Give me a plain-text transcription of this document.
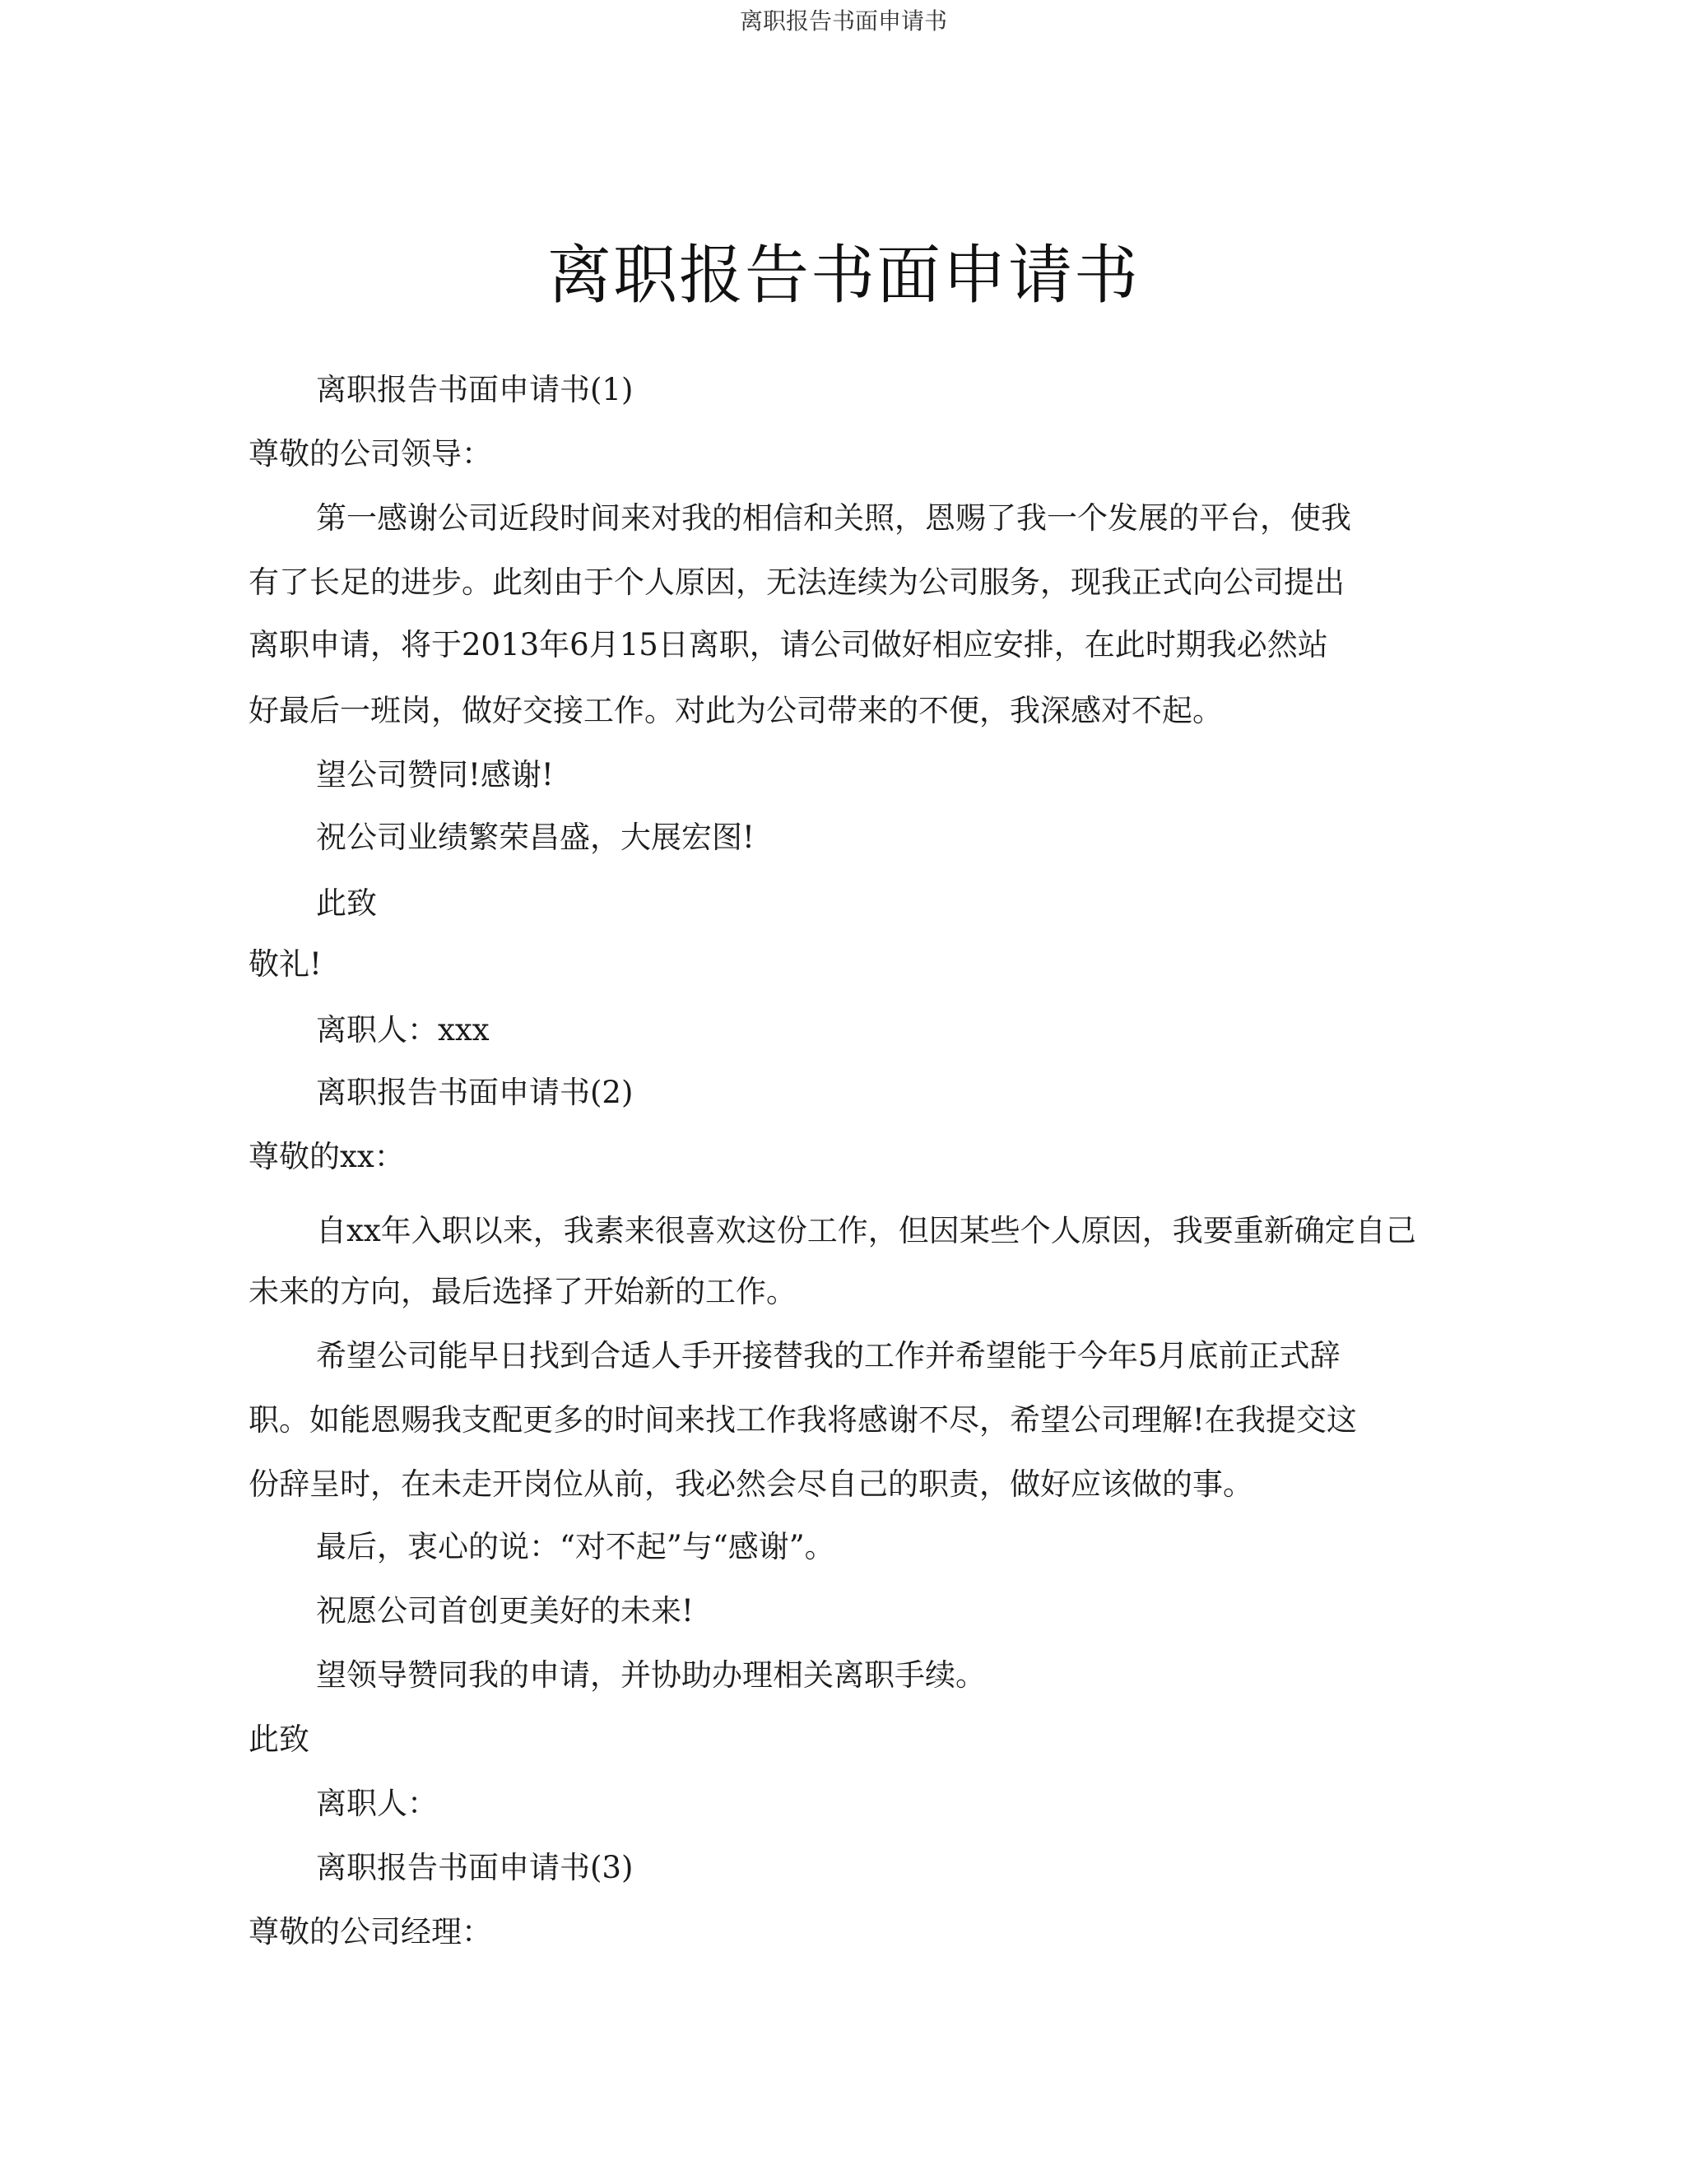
离职报告书面申请书
离职报告书面申请书
离职报告书面申请书(1)
尊敬的公司领导：
第一感谢公司近段时间来对我的相信和关照，恩赐了我一个发展的平台，使我
有了长足的进步。此刻由于个人原因，无法连续为公司服务，现我正式向公司提出
离职申请，将于2013年6月15日离职，请公司做好相应安排，在此时期我必然站
好最后一班岗，做好交接工作。对此为公司带来的不便，我深感对不起。
望公司赞同!感谢!
祝公司业绩繁荣昌盛，大展宏图!
此致
敬礼!
离职人：xxx
离职报告书面申请书(2)
尊敬的xx：
自xx年入职以来，我素来很喜欢这份工作，但因某些个人原因，我要重新确定自己
未来的方向，最后选择了开始新的工作。
希望公司能早日找到合适人手开接替我的工作并希望能于今年5月底前正式辞
职。如能恩赐我支配更多的时间来找工作我将感谢不尽，希望公司理解!在我提交这
份辞呈时，在未走开岗位从前，我必然会尽自己的职责，做好应该做的事。
最后，衷心的说：“对不起”与“感谢”。
祝愿公司首创更美好的未来!
望领导赞同我的申请，并协助办理相关离职手续。
此致
离职人：
离职报告书面申请书(3)
尊敬的公司经理：
